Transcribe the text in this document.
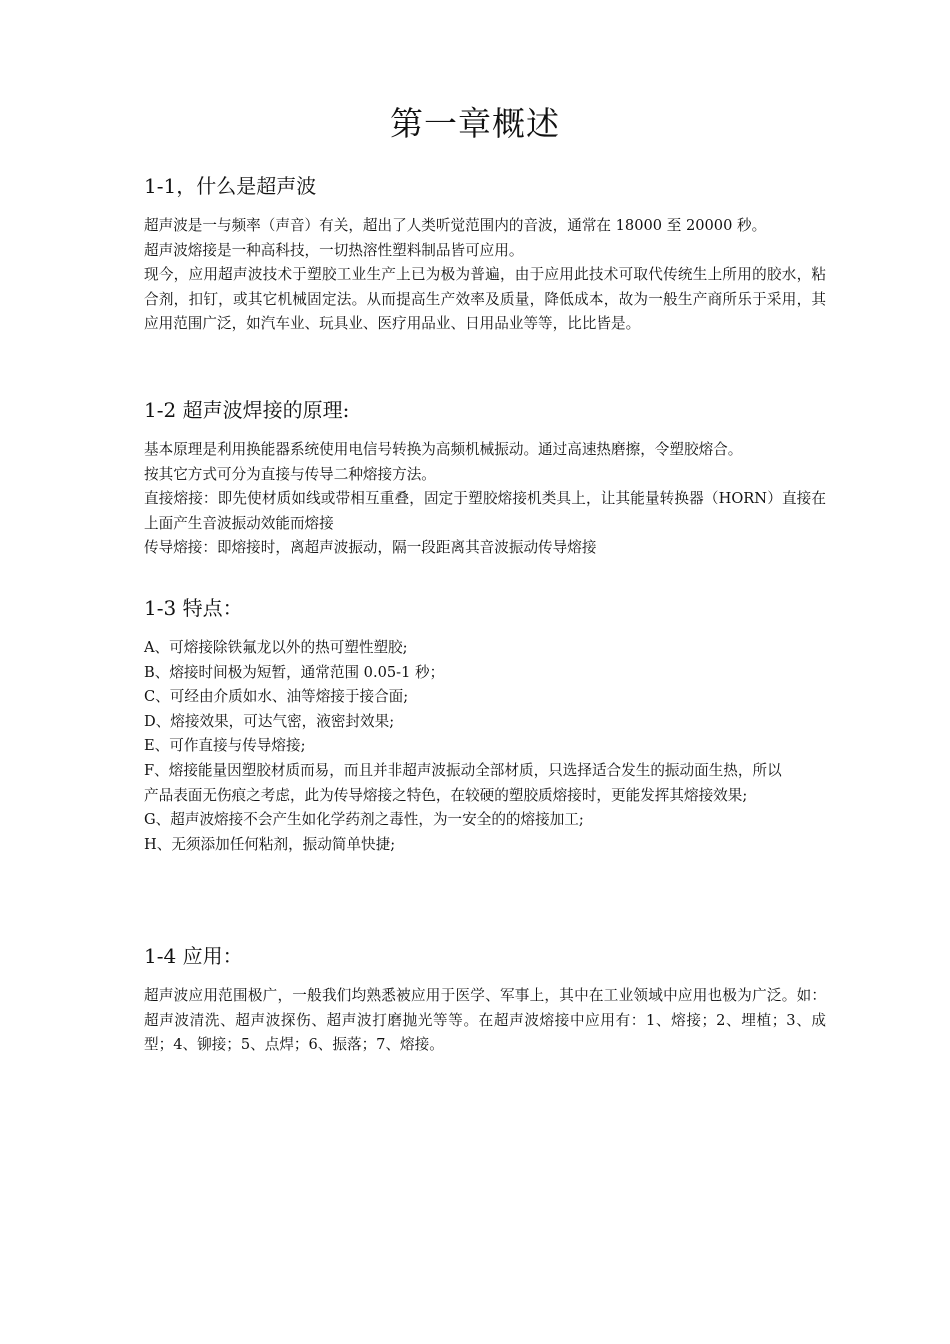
第一章概述
1-1，什么是超声波

超声波是一与频率（声音）有关，超出了人类听觉范围内的音波，通常在 18000 至 20000 秒。

超声波熔接是一种高科技，一切热溶性塑料制品皆可应用。

现今，应用超声波技术于塑胶工业生产上已为极为普遍，由于应用此技术可取代传统生上所用的胶水，粘合剂，扣钉，或其它机械固定法。从而提高生产效率及质量，降低成本，故为一般生产商所乐于采用，其应用范围广泛，如汽车业、玩具业、医疗用品业、日用品业等等，比比皆是。

1-2 超声波焊接的原理:

基本原理是利用换能器系统使用电信号转换为高频机械振动。通过高速热磨擦，令塑胶熔合。

按其它方式可分为直接与传导二种熔接方法。

直接熔接：即先使材质如线或带相互重叠，固定于塑胶熔接机类具上，让其能量转换器（HORN）直接在上面产生音波振动效能而熔接

传导熔接：即熔接时，离超声波振动，隔一段距离其音波振动传导熔接

1-3 特点：

A、可熔接除铁氟龙以外的热可塑性塑胶;

B、熔接时间极为短暂，通常范围 0.05-1 秒；

C、可经由介质如水、油等熔接于接合面;

D、熔接效果，可达气密，液密封效果;

E、可作直接与传导熔接;

F、熔接能量因塑胶材质而易，而且并非超声波振动全部材质，只选择适合发生的振动面生热，所以

产品表面无伤痕之考虑，此为传导熔接之特色，在较硬的塑胶质熔接时，更能发挥其熔接效果;

G、超声波熔接不会产生如化学药剂之毒性，为一安全的的熔接加工;

H、无须添加任何粘剂，振动简单快捷;

1-4 应用：

超声波应用范围极广，一般我们均熟悉被应用于医学、军事上，其中在工业领域中应用也极为广泛。如：超声波清洗、超声波探伤、超声波打磨抛光等等。在超声波熔接中应用有：1、熔接；2、埋植；3、成型；4、铆接；5、点焊；6、振落；7、熔接。
